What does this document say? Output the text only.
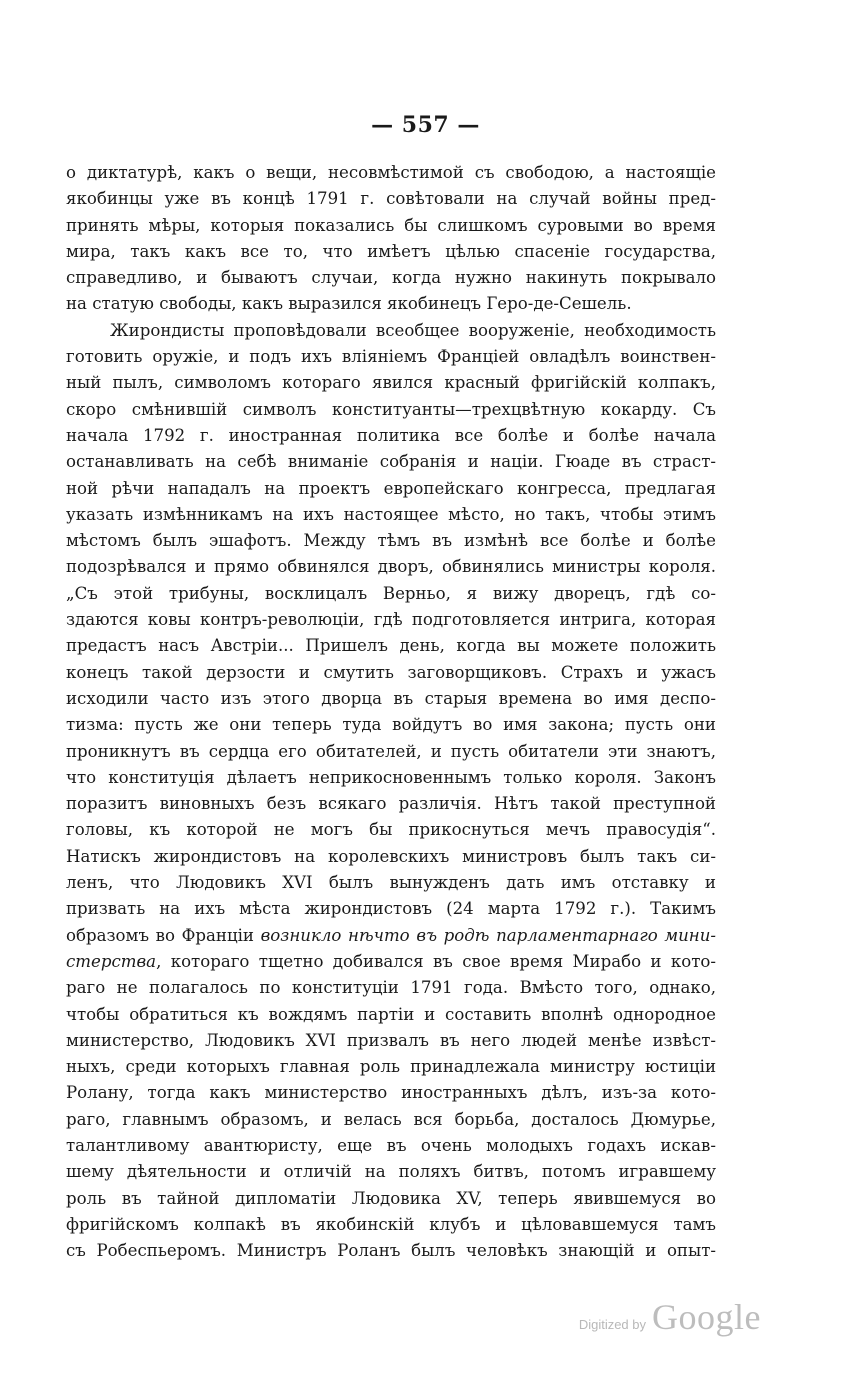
— 557 —

о диктатурѣ, какъ о вещи, несовмѣстимой съ свободою, а настоящіе
якобинцы уже въ концѣ 1791 г. совѣтовали на случай войны пред-
принять мѣры, которыя показались бы слишкомъ суровыми во время
мира, такъ какъ все то, что имѣетъ цѣлью спасеніе государства,
справедливо, и бываютъ случаи, когда нужно накинуть покрывало
на статую свободы, какъ выразился якобинецъ Геро-де-Сешель.

Жирондисты проповѣдовали всеобщее вооруженіе, необходимость
готовить оружіе, и подъ ихъ вліяніемъ Франціей овладѣлъ воинствен-
ный пылъ, символомъ котораго явился красный фригійскій колпакъ,
скоро смѣнившій символъ конституанты—трехцвѣтную кокарду. Съ
начала 1792 г. иностранная политика все болѣе и болѣе начала
останавливать на себѣ вниманіе собранія и націи. Гюаде въ страст-
ной рѣчи нападалъ на проектъ европейскаго конгресса, предлагая
указать измѣнникамъ на ихъ настоящее мѣсто, но такъ, чтобы этимъ
мѣстомъ былъ эшафотъ. Между тѣмъ въ измѣнѣ все болѣе и болѣе
подозрѣвался и прямо обвинялся дворъ, обвинялись министры короля.
„Съ этой трибуны, восклицалъ Верньо, я вижу дворецъ, гдѣ со-
здаются ковы контръ-революціи, гдѣ подготовляется интрига, которая
предастъ насъ Австріи... Пришелъ день, когда вы можете положить
конецъ такой дерзости и смутить заговорщиковъ. Страхъ и ужасъ
исходили часто изъ этого дворца въ старыя времена во имя деспо-
тизма: пусть же они теперь туда войдутъ во имя закона; пусть они
проникнутъ въ сердца его обитателей, и пусть обитатели эти знаютъ,
что конституція дѣлаетъ неприкосновеннымъ только короля. Законъ
поразитъ виновныхъ безъ всякаго различія. Нѣтъ такой преступной
головы, къ которой не могъ бы прикоснуться мечъ правосудія“.
Натискъ жирондистовъ на королевскихъ министровъ былъ такъ си-
ленъ, что Людовикъ XVI былъ вынужденъ дать имъ отставку и
призвать на ихъ мѣста жирондистовъ (24 марта 1792 г.). Такимъ

образомъ во Франціи возникло нѣчто въ родѣ парламентарнаго мини-
стерства, котораго тщетно добивался въ свое время Мирабо и кото-
раго не полагалось по конституціи 1791 года. Вмѣсто того, однако,
чтобы обратиться къ вождямъ партіи и составить вполнѣ однородное
министерство, Людовикъ XVI призвалъ въ него людей менѣе извѣст-
ныхъ, среди которыхъ главная роль принадлежала министру юстиціи
Ролану, тогда какъ министерство иностранныхъ дѣлъ, изъ-за кото-
раго, главнымъ образомъ, и велась вся борьба, досталось Дюмурье,
талантливому авантюристу, еще въ очень молодыхъ годахъ искав-
шему дѣятельности и отличій на поляхъ битвъ, потомъ игравшему
роль въ тайной дипломатіи Людовика XV, теперь явившемуся во
фригійскомъ колпакѣ въ якобинскій клубъ и цѣловавшемуся тамъ
съ Робеспьеромъ. Министръ Роланъ былъ человѣкъ знающій и опыт-

Digitized by Google
